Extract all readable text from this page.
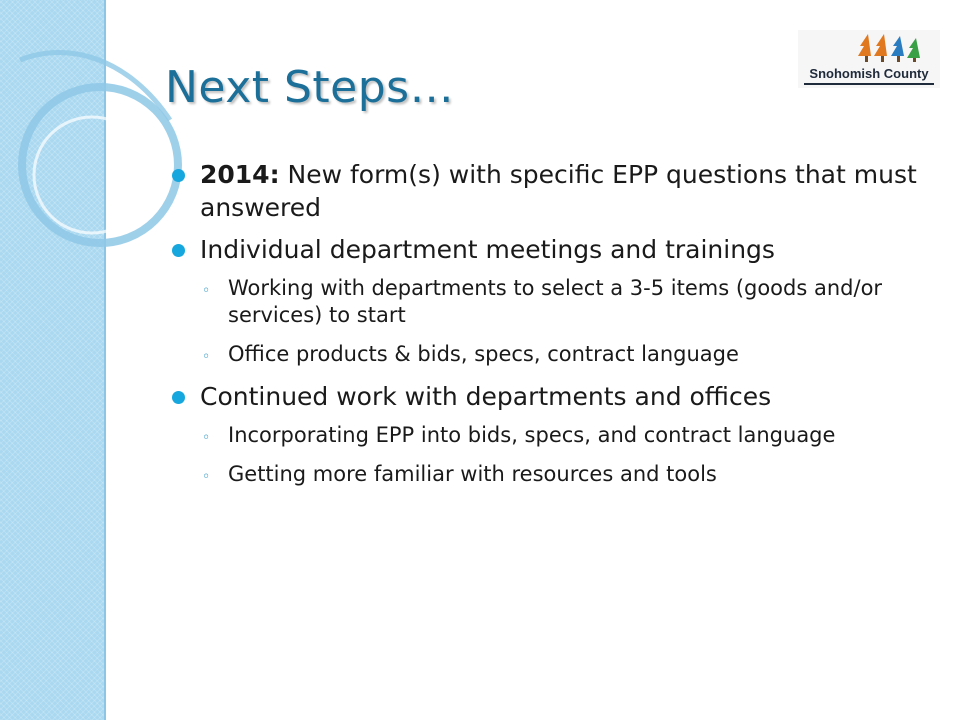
Snohomish County
Next Steps…
2014: New form(s) with specific EPP questions that must answered
Individual department meetings and trainings
◦ Working with departments to select a 3-5 items (goods and/or services) to start
◦ Office products & bids, specs, contract language
Continued work with departments and offices
◦ Incorporating EPP into bids, specs, and contract language
◦ Getting more familiar with resources and tools
